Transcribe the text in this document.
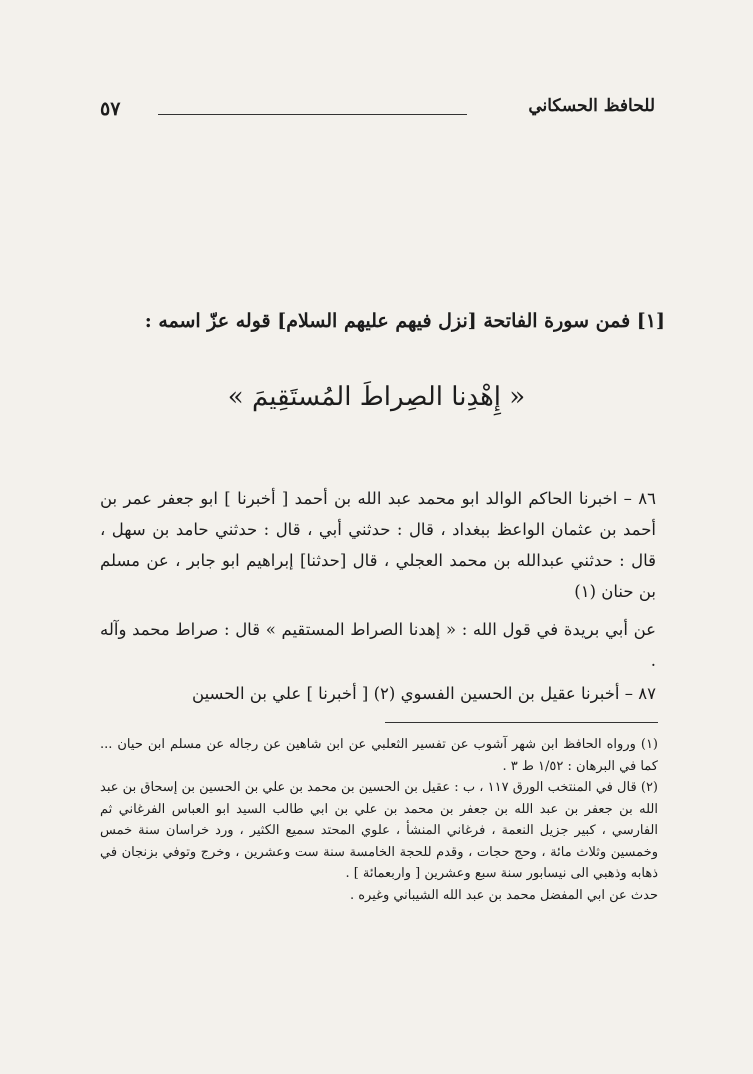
٥٧	للحافظ الحسكاني
[١] فمن سورة الفاتحة [نزل فيهم عليهم السلام] قوله عزّ اسمه :
« إِهْدِنا الصِراطَ المُستَقِيمَ »
٨٦ – اخبرنا الحاكم الوالد ابو محمد عبد الله بن أحمد [ أخبرنا ] ابو جعفر عمر بن أحمد بن عثمان الواعظ ببغداد ، قال : حدثني أبي ، قال : حدثني حامد بن سهل ، قال : حدثني عبدالله بن محمد العجلي ، قال [حدثنا] إبراهيم ابو جابر ، عن مسلم بن حنان (١)
عن أبي بريدة في قول الله : « إهدنا الصراط المستقيم » قال : صراط محمد وآله .
٨٧ – أخبرنا عقيل بن الحسين الفسوي (٢) [ أخبرنا ] علي بن الحسين

(١) ورواه الحافظ ابن شهر آشوب عن تفسير الثعلبي عن ابن شاهين عن رجاله عن مسلم ابن حيان ... كما في البرهان : ١/٥٢ ط ٣ .

(٢) قال في المنتخب الورق ١١٧ ، ب : عقيل بن الحسين بن محمد بن علي بن الحسين بن إسحاق بن عبد الله بن جعفر بن عبد الله بن جعفر بن محمد بن علي بن ابي طالب السيد ابو العباس الفرغاني ثم الفارسي ، كبير جزيل النعمة ، فرغاني المنشأ ، علوي المحتد سميع الكثير ، ورد خراسان سنة خمس وخمسين وثلاث مائة ، وحج حجات ، وقدم للحجة الخامسة سنة ست وعشرين ، وخرج وتوفي بزنجان في ذهابه وذهبي الى نيسابور سنة سبع وعشرين [ واربعمائة ] .

حدث عن ابي المفضل محمد بن عبد الله الشيباني وغيره .
